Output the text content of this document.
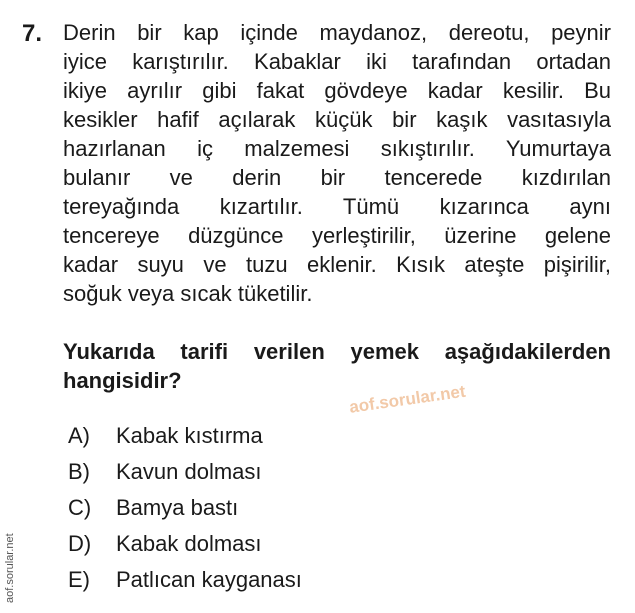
7. Derin bir kap içinde maydanoz, dereotu, peynir
iyice karıştırılır. Kabaklar iki tarafından ortadan
ikiye ayrılır gibi fakat gövdeye kadar kesilir. Bu
kesikler hafif açılarak küçük bir kaşık vasıtasıyla
hazırlanan iç malzemesi sıkıştırılır. Yumurtaya
bulanır ve derin bir tencerede kızdırılan
tereyağında kızartılır. Tümü kızarınca aynı
tencereye düzgünce yerleştirilir, üzerine gelene
kadar suyu ve tuzu eklenir. Kısık ateşte pişirilir,
soğuk veya sıcak tüketilir.
Yukarıda tarifi verilen yemek aşağıdakilerden
hangisidir?
A)	Kabak kıstırma
B)	Kavun dolması
C)	Bamya bastı
D)	Kabak dolması
E)	Patlıcan kayganası
aof.sorular.net
aof.sorular.net
